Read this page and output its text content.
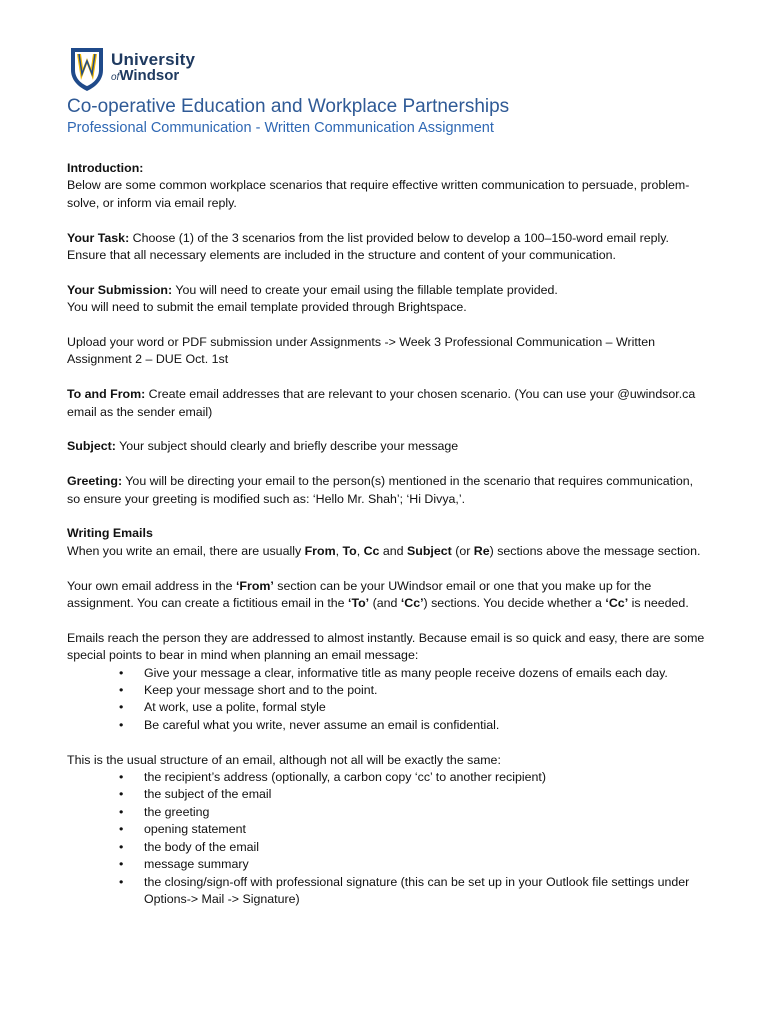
University
ofWindsor
Co-operative Education and Workplace Partnerships
Professional Communication - Written Communication Assignment

Introduction:
Below are some common workplace scenarios that require effective written communication to persuade, problem-solve, or inform via email reply.

Your Task: Choose (1) of the 3 scenarios from the list provided below to develop a 100–150-word email reply. Ensure that all necessary elements are included in the structure and content of your communication.

Your Submission: You will need to create your email using the fillable template provided.
You will need to submit the email template provided through Brightspace.

Upload your word or PDF submission under Assignments -> Week 3 Professional Communication – Written Assignment 2 – DUE Oct. 1st

To and From: Create email addresses that are relevant to your chosen scenario. (You can use your @uwindsor.ca email as the sender email)

Subject: Your subject should clearly and briefly describe your message

Greeting: You will be directing your email to the person(s) mentioned in the scenario that requires communication, so ensure your greeting is modified such as: ‘Hello Mr. Shah’; ‘Hi Divya,’.

Writing Emails
When you write an email, there are usually From, To, Cc and Subject (or Re) sections above the message section.

Your own email address in the ‘From’ section can be your UWindsor email or one that you make up for the assignment. You can create a fictitious email in the ‘To’ (and ‘Cc’) sections. You decide whether a ‘Cc’ is needed.

Emails reach the person they are addressed to almost instantly. Because email is so quick and easy, there are some special points to bear in mind when planning an email message:
• Give your message a clear, informative title as many people receive dozens of emails each day.
• Keep your message short and to the point.
• At work, use a polite, formal style
• Be careful what you write, never assume an email is confidential.
This is the usual structure of an email, although not all will be exactly the same:
• the recipient’s address (optionally, a carbon copy ‘cc’ to another recipient)
• the subject of the email
• the greeting
• opening statement
• the body of the email
• message summary
• the closing/sign-off with professional signature (this can be set up in your Outlook file settings under Options-> Mail -> Signature)
